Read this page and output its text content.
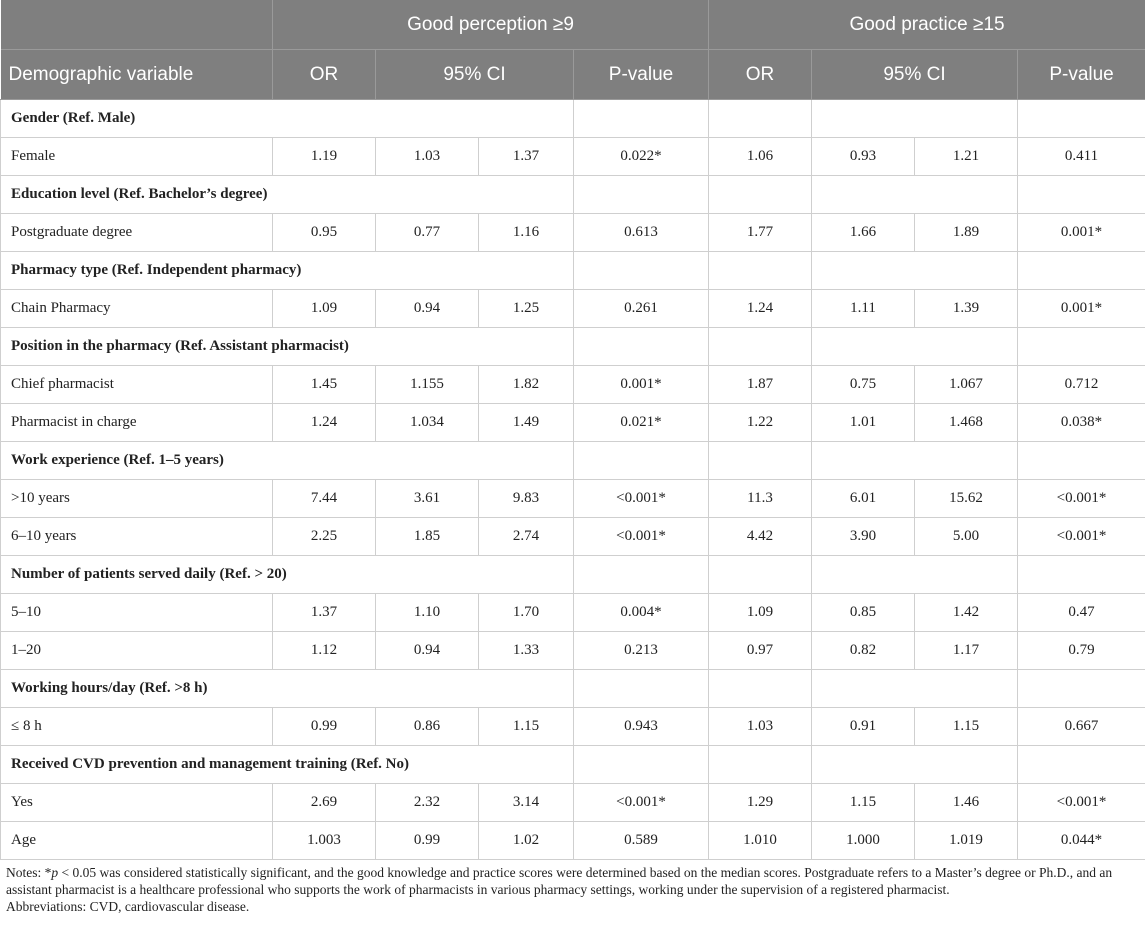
	Good perception ≥9				Good practice ≥15			
Demographic variable	OR	95% CI		P-value	OR	95% CI		P-value
Gender (Ref. Male)								
Female	1.19	1.03	1.37	0.022*	1.06	0.93	1.21	0.411
Education level (Ref. Bachelor’s degree)								
Postgraduate degree	0.95	0.77	1.16	0.613	1.77	1.66	1.89	0.001*
Pharmacy type (Ref. Independent pharmacy)								
Chain Pharmacy	1.09	0.94	1.25	0.261	1.24	1.11	1.39	0.001*
Position in the pharmacy (Ref. Assistant pharmacist)								
Chief pharmacist	1.45	1.155	1.82	0.001*	1.87	0.75	1.067	0.712
Pharmacist in charge	1.24	1.034	1.49	0.021*	1.22	1.01	1.468	0.038*
Work experience (Ref. 1–5 years)								
>10 years	7.44	3.61	9.83	<0.001*	11.3	6.01	15.62	<0.001*
6–10 years	2.25	1.85	2.74	<0.001*	4.42	3.90	5.00	<0.001*
Number of patients served daily (Ref. > 20)								
5–10	1.37	1.10	1.70	0.004*	1.09	0.85	1.42	0.47
1–20	1.12	0.94	1.33	0.213	0.97	0.82	1.17	0.79
Working hours/day (Ref. >8 h)								
≤ 8 h	0.99	0.86	1.15	0.943	1.03	0.91	1.15	0.667
Received CVD prevention and management training (Ref. No)								
Yes	2.69	2.32	3.14	<0.001*	1.29	1.15	1.46	<0.001*
Age	1.003	0.99	1.02	0.589	1.010	1.000	1.019	0.044*
Notes: *p < 0.05 was considered statistically significant, and the good knowledge and practice scores were determined based on the median scores. Postgraduate refers to a Master’s degree or Ph.D., and an assistant pharmacist is a healthcare professional who supports the work of pharmacists in various pharmacy settings, working under the supervision of a registered pharmacist.
Abbreviations: CVD, cardiovascular disease.
